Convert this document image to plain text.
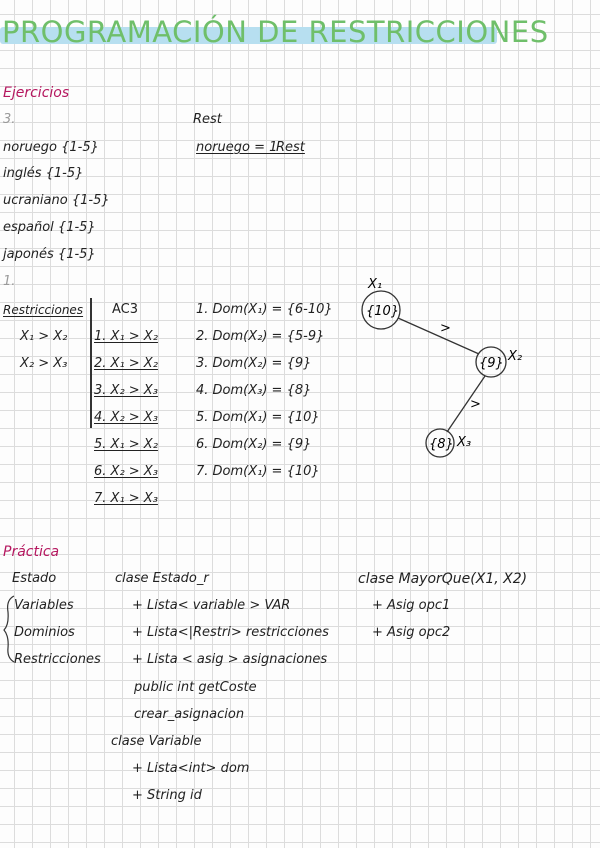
PROGRAMACIÓN DE RESTRICCIONES
Ejercicios
3.
noruego {1-5}
inglés {1-5}
ucraniano {1-5}
español {1-5}
japonés {1-5}
Rest
noruego = 1
Rest
1.
Restricciones
X₁ > X₂
X₂ > X₃
AC3
1. X₁ > X₂
2. X₁ > X₂
3. X₂ > X₃
4. X₂ > X₃
5. X₁ > X₂
6. X₂ > X₃
7. X₁ > X₃
1. Dom(X₁) = {6-10}
2. Dom(X₂) = {5-9}
3. Dom(X₂) = {9}
4. Dom(X₃) = {8}
5. Dom(X₁) = {10}
6. Dom(X₂) = {9}
7. Dom(X₁) = {10}
X₁
{10}
X₂
{9}
X₃
{8}
>
>
Práctica
Estado
Variables
Dominios
Restricciones
clase Estado_r
+ Lista< variable > VAR
+ Lista<|Restri> restricciones
+ Lista < asig > asignaciones
public int getCoste
crear_asignacion
clase Variable
+ Lista<int> dom
+ String id
clase MayorQue(X1, X2)
+ Asig opc1
+ Asig opc2
